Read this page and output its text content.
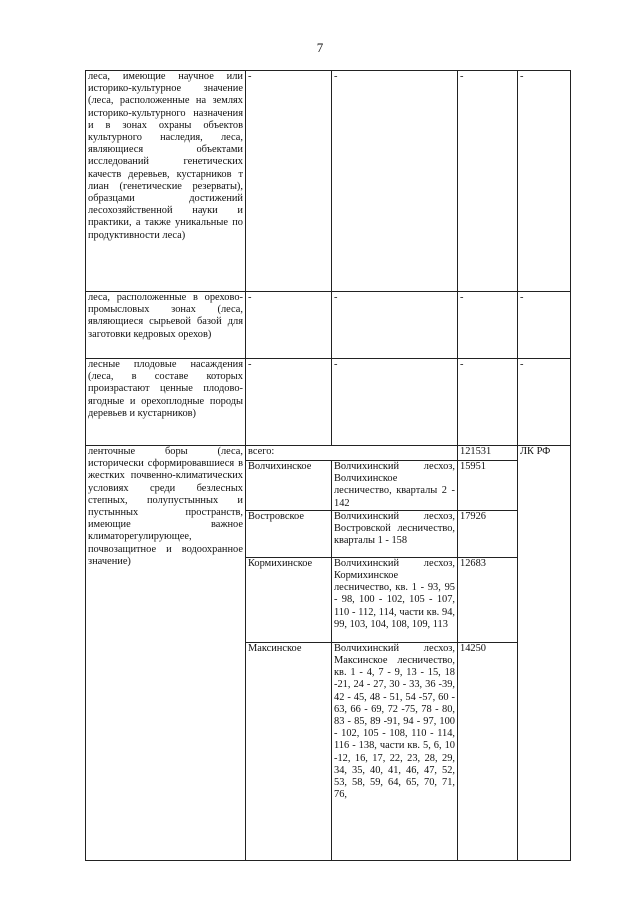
7
леса, имеющие научное или историко-культурное значение (леса, расположенные на землях историко-культурного назначения и в зонах охраны объектов культурного наследия, леса, являющиеся объектами исследований генетических качеств деревьев, кустарников т лиан (генетические резерваты), образцами достижений лесохозяйственной науки и практики, а также уникальные по продуктивности леса)	-	-	-	-
леса, расположенные в орехово-промысловых зонах (леса, являющиеся сырьевой базой для заготовки кедровых орехов)	-	-	-	-
лесные плодовые насаждения (леса, в составе которых произрастают ценные плодово-ягодные и орехоплодные породы деревьев и кустарников)	-	-	-	-
ленточные боры (леса, исторически сформировавшиеся в жестких почвенно-климатических условиях среди безлесных степных, полупустынных и пустынных пространств, имеющие важное климаторегулирующее, почвозащитное и водоохранное значение)	всего:		121531	ЛК РФ
	Волчихинское	Волчихинский лесхоз, Волчихинское лесничество, кварталы 2 - 142	15951	
	Востровское	Волчихинский лесхоз, Востровской лесничество, кварталы 1 - 158	17926	
	Кормихинское	Волчихинский лесхоз, Кормихинское лесничество, кв. 1 - 93, 95 - 98, 100 - 102, 105 - 107, 110 - 112, 114, части кв. 94, 99, 103, 104, 108, 109, 113	12683	
	Максинское	Волчихинский лесхоз, Максинское лесничество, кв. 1 - 4, 7 - 9, 13 - 15, 18 -21, 24 - 27, 30 - 33, 36 -39, 42 - 45, 48 - 51, 54 -57, 60 - 63, 66 - 69, 72 -75, 78 - 80, 83 - 85, 89 -91, 94 - 97, 100 - 102, 105 - 108, 110 - 114, 116 - 138, части кв. 5, 6, 10 -12, 16, 17, 22, 23, 28, 29, 34, 35, 40, 41, 46, 47, 52, 53, 58, 59, 64, 65, 70, 71, 76,	14250	
